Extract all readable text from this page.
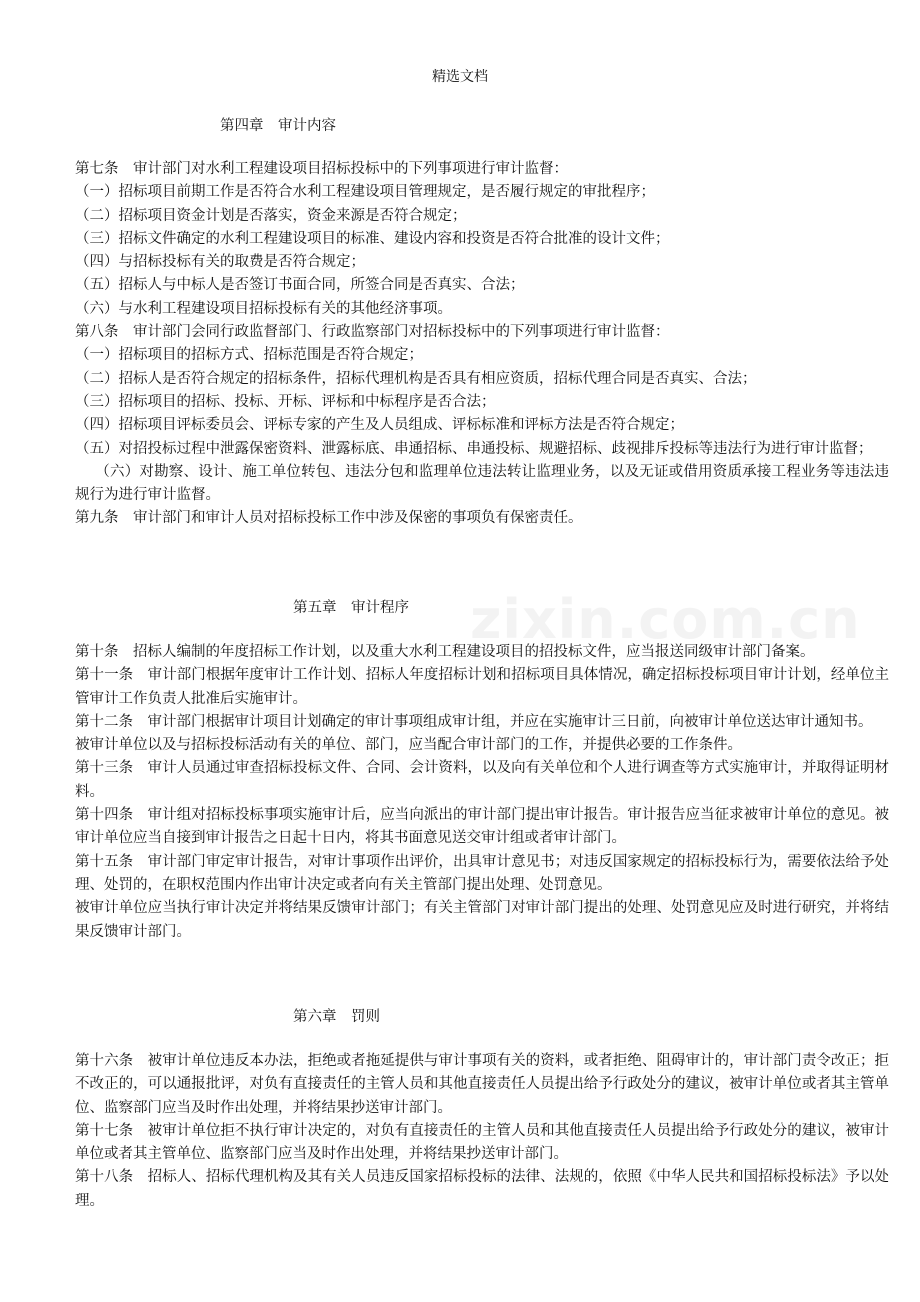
精选文档
第四章　审计内容

第七条　审计部门对水利工程建设项目招标投标中的下列事项进行审计监督：

（一）招标项目前期工作是否符合水利工程建设项目管理规定，是否履行规定的审批程序；

（二）招标项目资金计划是否落实，资金来源是否符合规定；

（三）招标文件确定的水利工程建设项目的标准、建设内容和投资是否符合批准的设计文件；

（四）与招标投标有关的取费是否符合规定；

（五）招标人与中标人是否签订书面合同，所签合同是否真实、合法；

（六）与水利工程建设项目招标投标有关的其他经济事项。

第八条　审计部门会同行政监督部门、行政监察部门对招标投标中的下列事项进行审计监督：

（一）招标项目的招标方式、招标范围是否符合规定；

（二）招标人是否符合规定的招标条件，招标代理机构是否具有相应资质，招标代理合同是否真实、合法；

（三）招标项目的招标、投标、开标、评标和中标程序是否合法；

（四）招标项目评标委员会、评标专家的产生及人员组成、评标标准和评标方法是否符合规定；

（五）对招投标过程中泄露保密资料、泄露标底、串通招标、串通投标、规避招标、歧视排斥投标等违法行为进行审计监督；

（六）对勘察、设计、施工单位转包、违法分包和监理单位违法转让监理业务，以及无证或借用资质承接工程业务等违法违规行为进行审计监督。

第九条　审计部门和审计人员对招标投标工作中涉及保密的事项负有保密责任。

第五章　审计程序

第十条　招标人编制的年度招标工作计划，以及重大水利工程建设项目的招投标文件，应当报送同级审计部门备案。

第十一条　审计部门根据年度审计工作计划、招标人年度招标计划和招标项目具体情况，确定招标投标项目审计计划，经单位主管审计工作负责人批准后实施审计。

第十二条　审计部门根据审计项目计划确定的审计事项组成审计组，并应在实施审计三日前，向被审计单位送达审计通知书。

被审计单位以及与招标投标活动有关的单位、部门，应当配合审计部门的工作，并提供必要的工作条件。

第十三条　审计人员通过审查招标投标文件、合同、会计资料，以及向有关单位和个人进行调查等方式实施审计，并取得证明材料。

第十四条　审计组对招标投标事项实施审计后，应当向派出的审计部门提出审计报告。审计报告应当征求被审计单位的意见。被审计单位应当自接到审计报告之日起十日内，将其书面意见送交审计组或者审计部门。

第十五条　审计部门审定审计报告，对审计事项作出评价，出具审计意见书；对违反国家规定的招标投标行为，需要依法给予处理、处罚的，在职权范围内作出审计决定或者向有关主管部门提出处理、处罚意见。

被审计单位应当执行审计决定并将结果反馈审计部门；有关主管部门对审计部门提出的处理、处罚意见应及时进行研究，并将结果反馈审计部门。

第六章　罚则

第十六条　被审计单位违反本办法，拒绝或者拖延提供与审计事项有关的资料，或者拒绝、阻碍审计的，审计部门责令改正；拒不改正的，可以通报批评，对负有直接责任的主管人员和其他直接责任人员提出给予行政处分的建议，被审计单位或者其主管单位、监察部门应当及时作出处理，并将结果抄送审计部门。

第十七条　被审计单位拒不执行审计决定的，对负有直接责任的主管人员和其他直接责任人员提出给予行政处分的建议，被审计单位或者其主管单位、监察部门应当及时作出处理，并将结果抄送审计部门。

第十八条　招标人、招标代理机构及其有关人员违反国家招标投标的法律、法规的，依照《中华人民共和国招标投标法》予以处理。

zixin.com.cn
